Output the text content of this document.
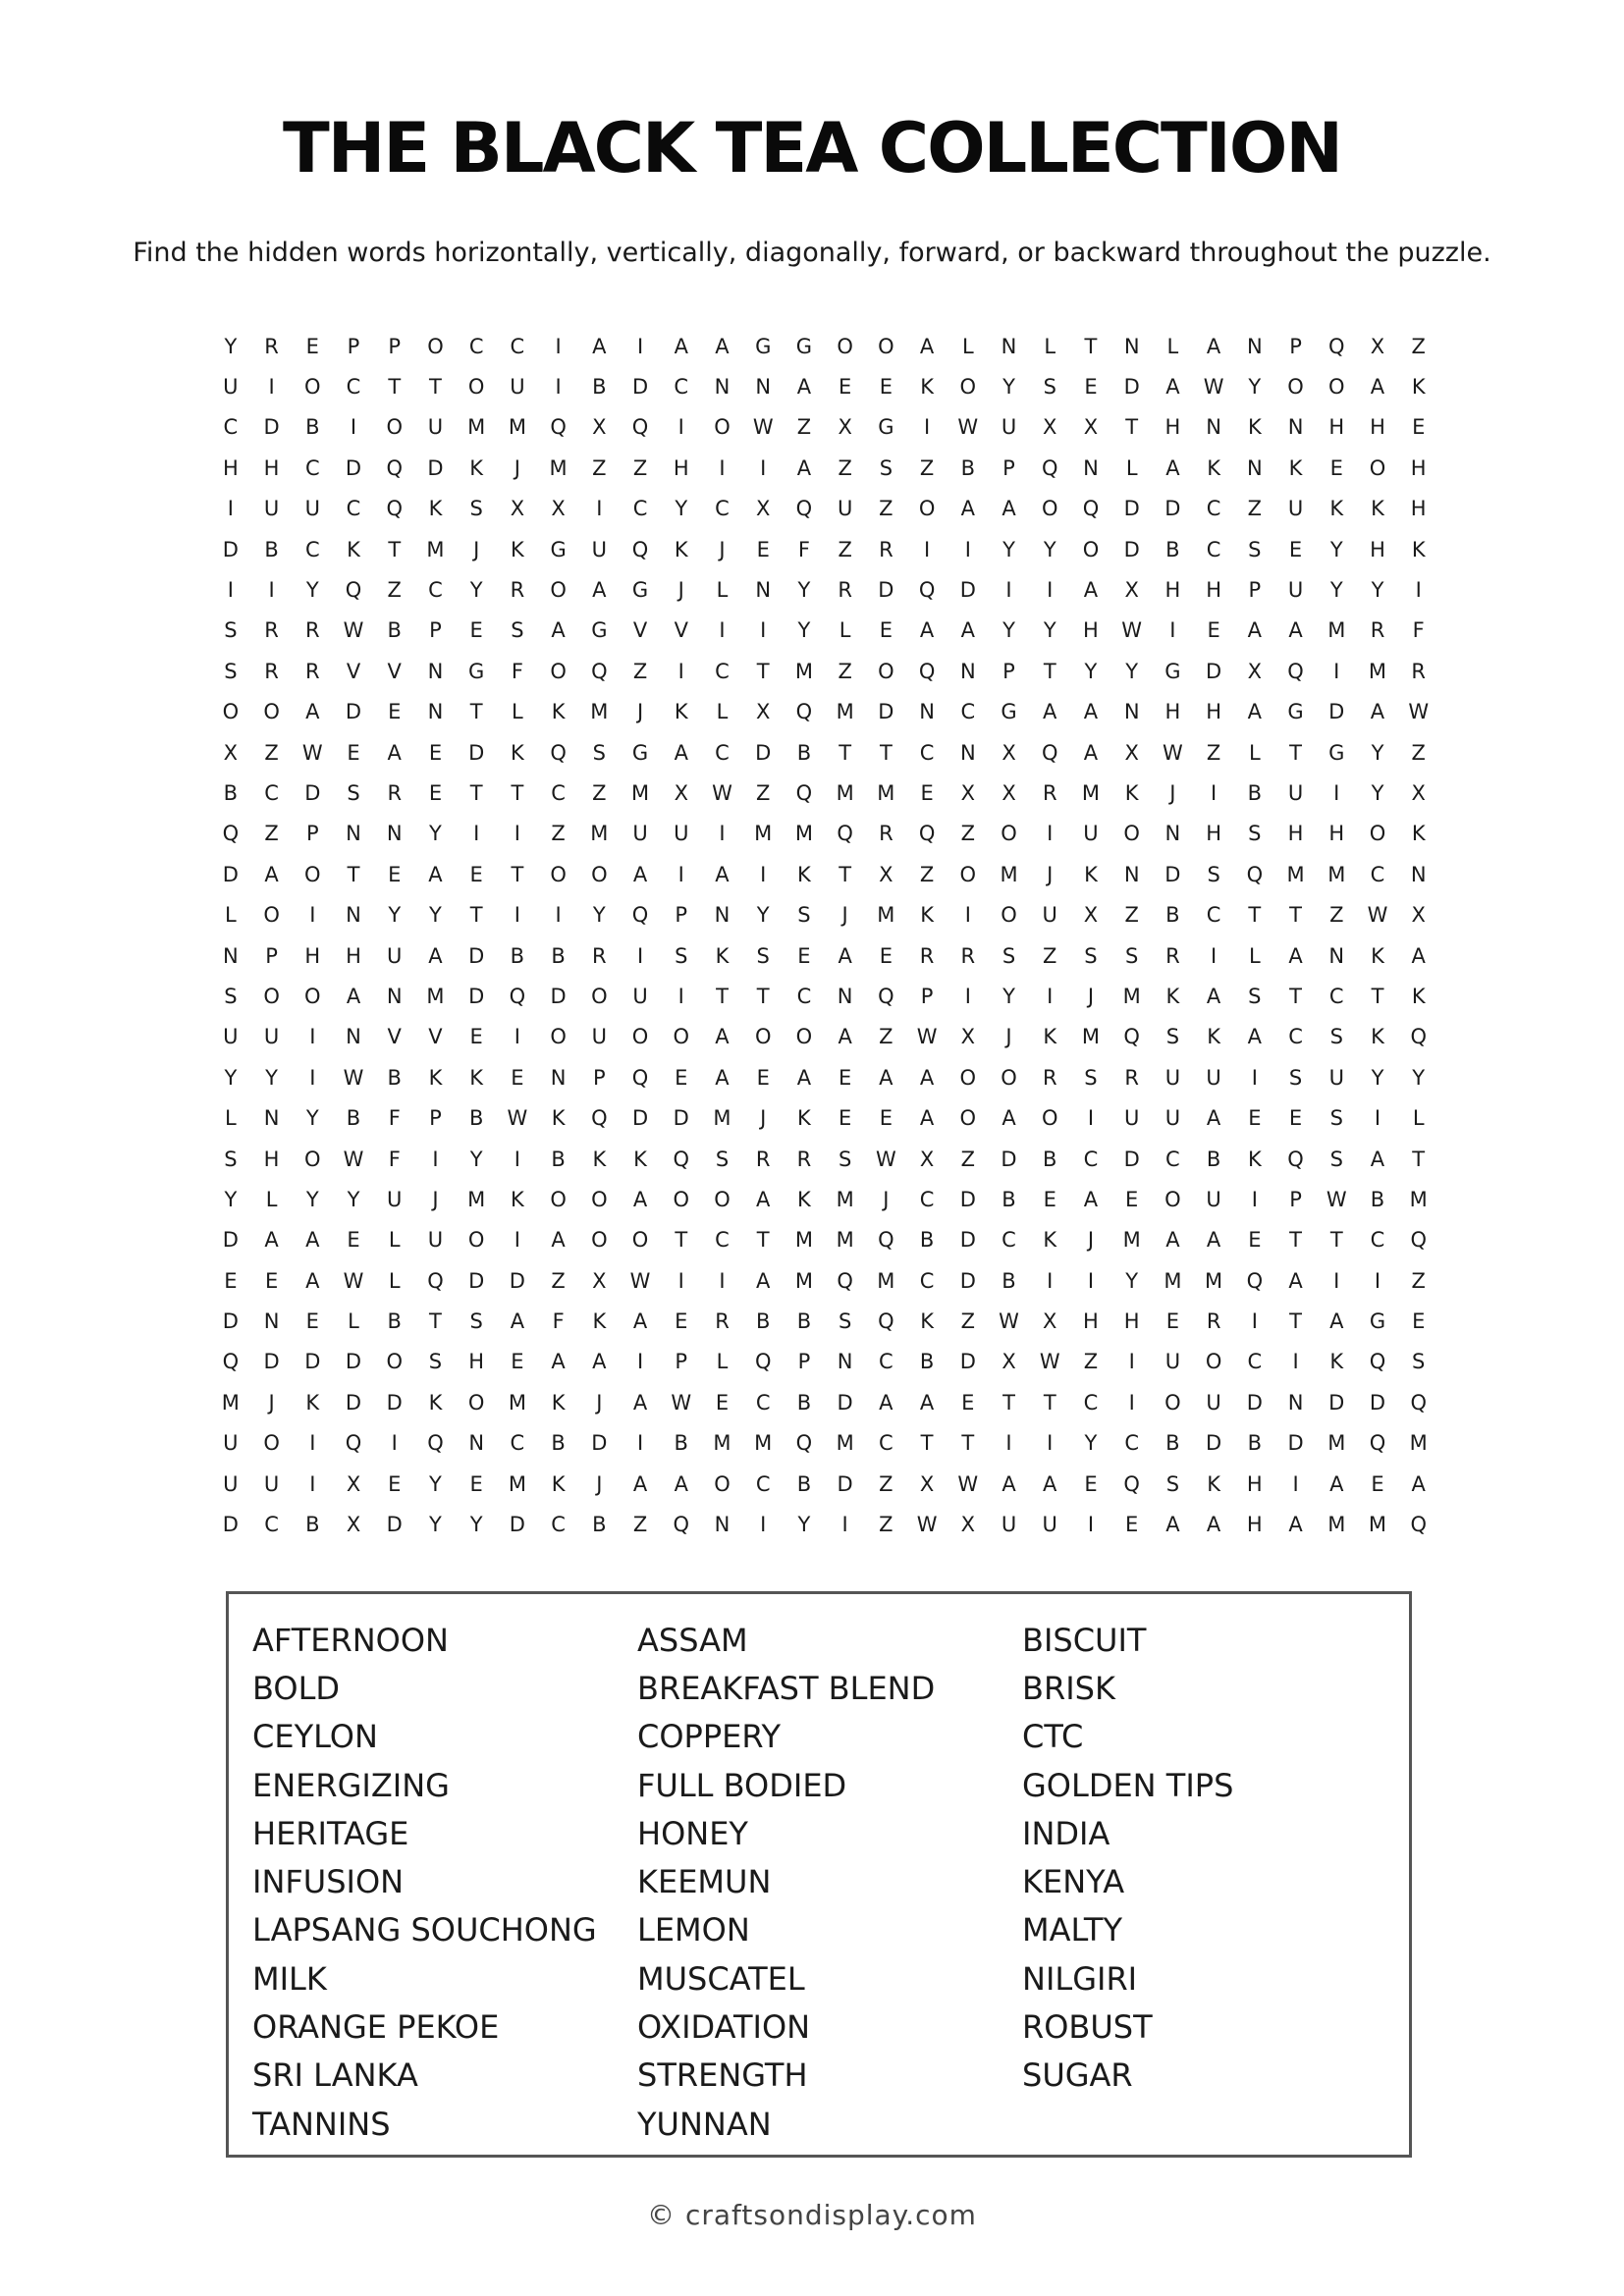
THE BLACK TEA COLLECTION
Find the hidden words horizontally, vertically, diagonally, forward, or backward throughout the puzzle.
Y	R	E	P	P	O	C	C	I	A	I	A	A	G	G	O	O	A	L	N	L	T	N	L	A	N	P	Q	X	Z
U	I	O	C	T	T	O	U	I	B	D	C	N	N	A	E	E	K	O	Y	S	E	D	A	W	Y	O	O	A	K
C	D	B	I	O	U	M	M	Q	X	Q	I	O	W	Z	X	G	I	W	U	X	X	T	H	N	K	N	H	H	E
H	H	C	D	Q	D	K	J	M	Z	Z	H	I	I	A	Z	S	Z	B	P	Q	N	L	A	K	N	K	E	O	H
I	U	U	C	Q	K	S	X	X	I	C	Y	C	X	Q	U	Z	O	A	A	O	Q	D	D	C	Z	U	K	K	H
D	B	C	K	T	M	J	K	G	U	Q	K	J	E	F	Z	R	I	I	Y	Y	O	D	B	C	S	E	Y	H	K
I	I	Y	Q	Z	C	Y	R	O	A	G	J	L	N	Y	R	D	Q	D	I	I	A	X	H	H	P	U	Y	Y	I
S	R	R	W	B	P	E	S	A	G	V	V	I	I	Y	L	E	A	A	Y	Y	H	W	I	E	A	A	M	R	F
S	R	R	V	V	N	G	F	O	Q	Z	I	C	T	M	Z	O	Q	N	P	T	Y	Y	G	D	X	Q	I	M	R
O	O	A	D	E	N	T	L	K	M	J	K	L	X	Q	M	D	N	C	G	A	A	N	H	H	A	G	D	A	W
X	Z	W	E	A	E	D	K	Q	S	G	A	C	D	B	T	T	C	N	X	Q	A	X	W	Z	L	T	G	Y	Z
B	C	D	S	R	E	T	T	C	Z	M	X	W	Z	Q	M	M	E	X	X	R	M	K	J	I	B	U	I	Y	X
Q	Z	P	N	N	Y	I	I	Z	M	U	U	I	M	M	Q	R	Q	Z	O	I	U	O	N	H	S	H	H	O	K
D	A	O	T	E	A	E	T	O	O	A	I	A	I	K	T	X	Z	O	M	J	K	N	D	S	Q	M	M	C	N
L	O	I	N	Y	Y	T	I	I	Y	Q	P	N	Y	S	J	M	K	I	O	U	X	Z	B	C	T	T	Z	W	X
N	P	H	H	U	A	D	B	B	R	I	S	K	S	E	A	E	R	R	S	Z	S	S	R	I	L	A	N	K	A
S	O	O	A	N	M	D	Q	D	O	U	I	T	T	C	N	Q	P	I	Y	I	J	M	K	A	S	T	C	T	K
U	U	I	N	V	V	E	I	O	U	O	O	A	O	O	A	Z	W	X	J	K	M	Q	S	K	A	C	S	K	Q
Y	Y	I	W	B	K	K	E	N	P	Q	E	A	E	A	E	A	A	O	O	R	S	R	U	U	I	S	U	Y	Y
L	N	Y	B	F	P	B	W	K	Q	D	D	M	J	K	E	E	A	O	A	O	I	U	U	A	E	E	S	I	L
S	H	O	W	F	I	Y	I	B	K	K	Q	S	R	R	S	W	X	Z	D	B	C	D	C	B	K	Q	S	A	T
Y	L	Y	Y	U	J	M	K	O	O	A	O	O	A	K	M	J	C	D	B	E	A	E	O	U	I	P	W	B	M
D	A	A	E	L	U	O	I	A	O	O	T	C	T	M	M	Q	B	D	C	K	J	M	A	A	E	T	T	C	Q
E	E	A	W	L	Q	D	D	Z	X	W	I	I	A	M	Q	M	C	D	B	I	I	Y	M	M	Q	A	I	I	Z
D	N	E	L	B	T	S	A	F	K	A	E	R	B	B	S	Q	K	Z	W	X	H	H	E	R	I	T	A	G	E
Q	D	D	D	O	S	H	E	A	A	I	P	L	Q	P	N	C	B	D	X	W	Z	I	U	O	C	I	K	Q	S
M	J	K	D	D	K	O	M	K	J	A	W	E	C	B	D	A	A	E	T	T	C	I	O	U	D	N	D	D	Q
U	O	I	Q	I	Q	N	C	B	D	I	B	M	M	Q	M	C	T	T	I	I	Y	C	B	D	B	D	M	Q	M
U	U	I	X	E	Y	E	M	K	J	A	A	O	C	B	D	Z	X	W	A	A	E	Q	S	K	H	I	A	E	A
D	C	B	X	D	Y	Y	D	C	B	Z	Q	N	I	Y	I	Z	W	X	U	U	I	E	A	A	H	A	M	M	Q
AFTERNOON	ASSAM	BISCUIT
BOLD	BREAKFAST BLEND	BRISK
CEYLON	COPPERY	CTC
ENERGIZING	FULL BODIED	GOLDEN TIPS
HERITAGE	HONEY	INDIA
INFUSION	KEEMUN	KENYA
LAPSANG SOUCHONG	LEMON	MALTY
MILK	MUSCATEL	NILGIRI
ORANGE PEKOE	OXIDATION	ROBUST
SRI LANKA	STRENGTH	SUGAR
TANNINS	YUNNAN
© craftsondisplay.com
